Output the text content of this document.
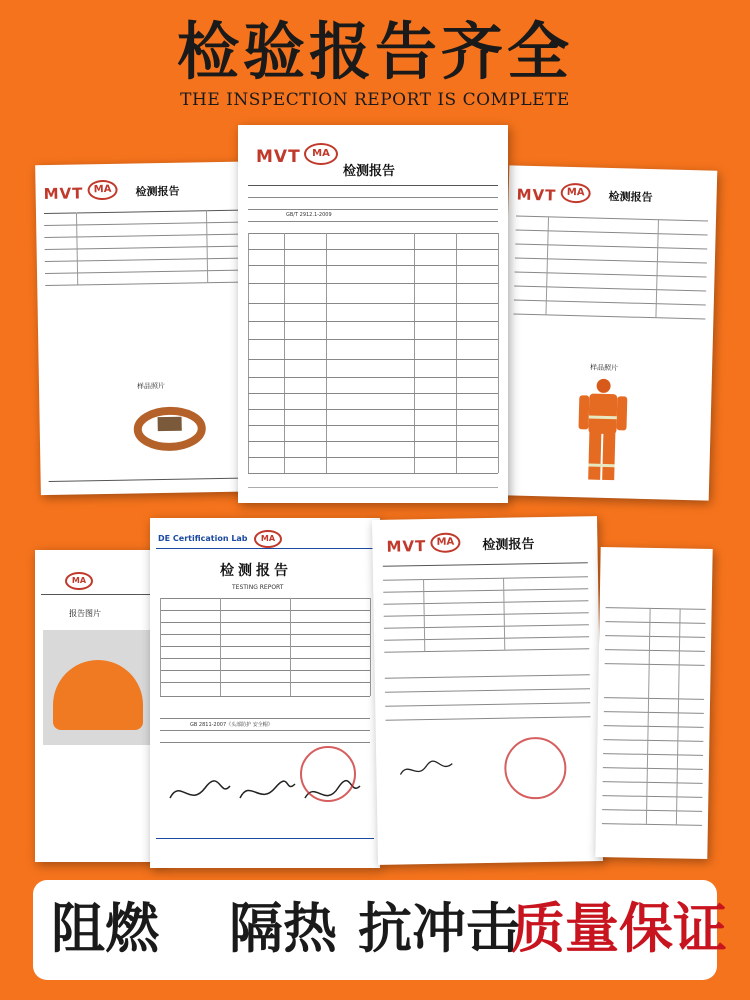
检验报告齐全
THE INSPECTION REPORT IS COMPLETE
MVT	MA	检测报告
样品照片
MVT	MA	检测报告
样品照片
MVT	MA
检测报告
GB/T 2912.1-2009
MA
报告图片
DE Certification Lab	MA
检测报告
TESTING REPORT
GB 2811-2007《头部防护 安全帽》
MVT	MA	检测报告
阻燃 隔热 抗冲击
质量保证
